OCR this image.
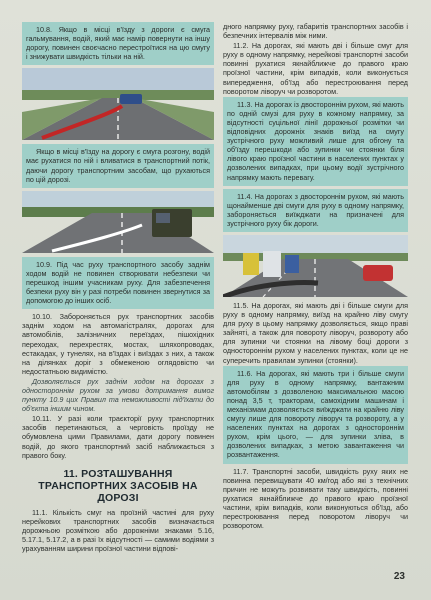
10.8. Якщо в місці в'їзду з дороги є смуга гальмування, водій, який має намір повернути на іншу дорогу, повинен своєчасно перестроїтися на цю смугу і знижувати швидкість тільки на ній.

Якщо в місці в'їзду на дорогу є смуга розгону, водій має рухатися по ній і вливатися в транспортний потік, даючи дорогу транспортним засобам, що рухаються по цій дорозі.

10.9. Під час руху транспортного засобу заднім ходом водій не повинен створювати небезпеки чи перешкод іншим учасникам руху. Для забезпечення безпеки руху він у разі потреби повинен звернутися за допомогою до інших осіб.

10.10. Забороняється рух транспортних засобів заднім ходом на автомагістралях, дорогах для автомобілів, залізничних переїздах, пішохідних переходах, перехрестях, мостах, шляхопроводах, естакадах, у тунелях, на в'їздах і виїздах з них, а також на ділянках доріг з обмеженою оглядовістю чи недостатньою видимістю.

Дозволяється рух заднім ходом на дорогах з одностороннім рухом за умови дотримання вимог пункту 10.9 цих Правил та неможливості під'їхати до об'єкта іншим чином.

10.11. У разі коли траєкторії руху транспортних засобів перетинаються, а черговість проїзду не обумовлена цими Правилами, дати дорогу повинен водій, до якого транспортний засіб наближається з правого боку.

11. РОЗТАШУВАННЯ ТРАНСПОРТНИХ ЗАСОБІВ НА ДОРОЗІ

11.1. Кількість смуг на проїзній частині для руху нерейкових транспортних засобів визначається дорожньою розміткою або дорожніми знаками 5.16, 5.17.1, 5.17.2, а в разі їх відсутності — самими водіями з урахуванням ширини проїзної частини відпові-

дного напрямку руху, габаритів транспортних засобів і безпечних інтервалів між ними.

11.2. На дорогах, які мають дві і більше смуг для руху в одному напрямку, нерейкові транспортні засоби повинні рухатися якнайближче до правого краю проїзної частини, крім випадків, коли виконується випередження, об'їзд або перестроювання перед поворотом ліворуч чи розворотом.

11.3. На дорогах із двостороннім рухом, які мають по одній смузі для руху в кожному напрямку, за відсутності суцільної лінії дорожньої розмітки чи відповідних дорожніх знаків виїзд на смугу зустрічного руху можливий лише для обгону та об'їзду перешкоди або зупинки чи стоянки біля лівого краю проїзної частини в населених пунктах у дозволених випадках, при цьому водії зустрічного напрямку мають перевагу.

11.4. На дорогах з двостороннім рухом, які мають щонайменше дві смуги для руху в одному напрямку, забороняється виїжджати на призначені для зустрічного руху бік дороги.

11.5. На дорогах, які мають дві і більше смуги для руху в одному напрямку, виїзд на крайню ліву смугу для руху в цьому напрямку дозволяється, якщо праві зайняті, а також для повороту ліворуч, розвороту або для зупинки чи стоянки на лівому боці дороги з одностороннім рухом у населених пунктах, коли це не суперечить правилам зупинки (стоянки).

11.6. На дорогах, які мають три і більше смуги для руху в одному напрямку, вантажним автомобілям з дозволеною максимальною масою понад 3,5 т, тракторам, самохідним машинам і механізмам дозволяється виїжджати на крайню ліву смугу лише для повороту ліворуч та розвороту, а у населених пунктах на дорогах з одностороннім рухом, крім цього, — для зупинки зліва, в дозволених випадках, з метою завантаження чи розвантаження.

11.7. Транспортні засоби, швидкість руху яких не повинна перевищувати 40 км/год або які з технічних причин не можуть розвивати таку швидкість, повинні рухатися якнайближче до правого краю проїзної частини, крім випадків, коли виконуються об'їзд, або перестроювання перед поворотом ліворуч чи розворотом.

23
